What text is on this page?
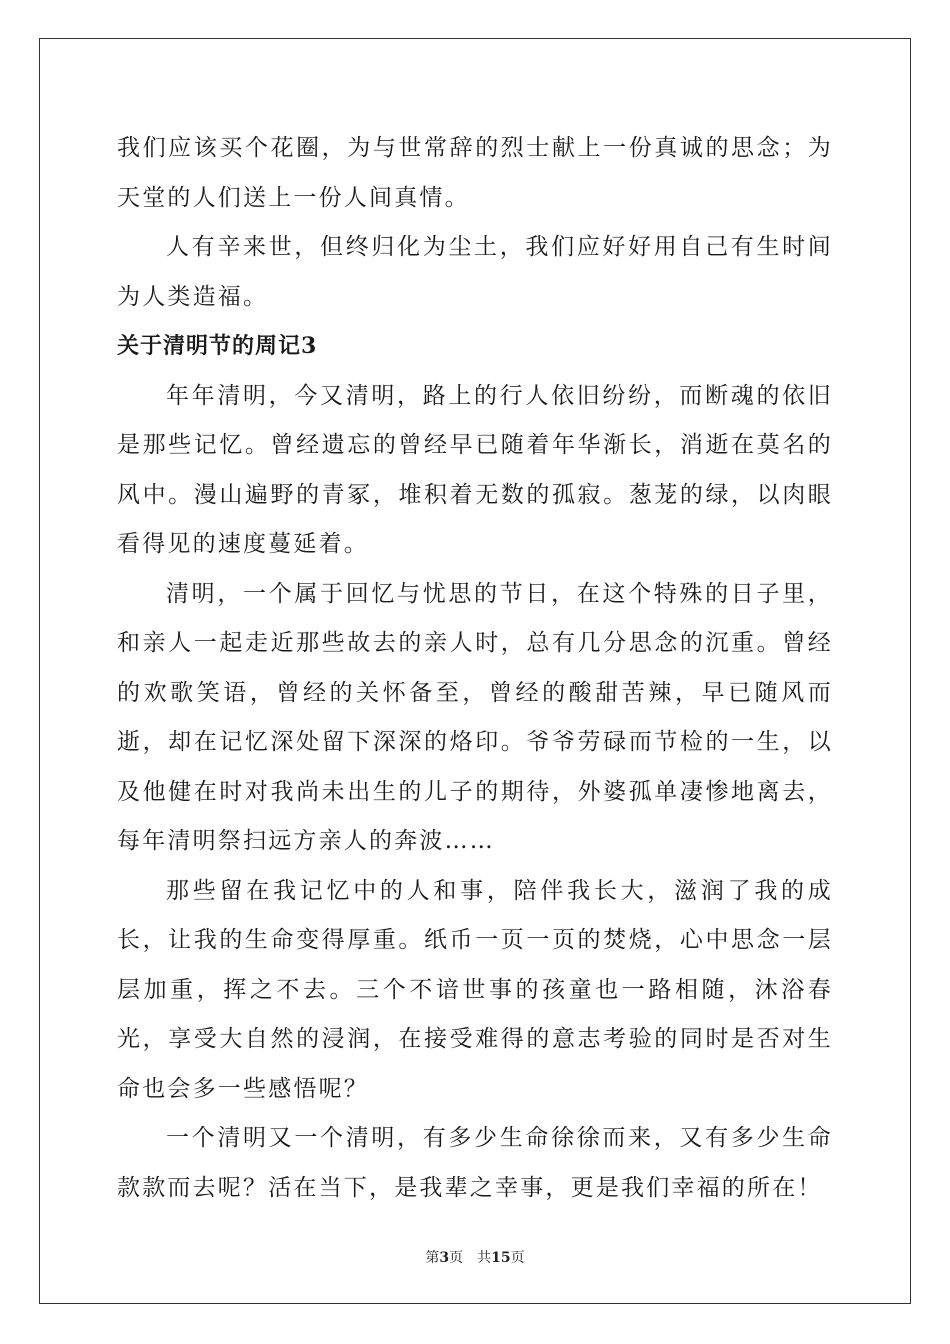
我们应该买个花圈，为与世常辞的烈士献上一份真诚的思念；为天堂的人们送上一份人间真情。

人有辛来世，但终归化为尘土，我们应好好用自己有生时间为人类造福。

关于清明节的周记3

年年清明，今又清明，路上的行人依旧纷纷，而断魂的依旧是那些记忆。曾经遗忘的曾经早已随着年华渐长，消逝在莫名的风中。漫山遍野的青冢，堆积着无数的孤寂。葱茏的绿，以肉眼看得见的速度蔓延着。

清明，一个属于回忆与忧思的节日，在这个特殊的日子里，和亲人一起走近那些故去的亲人时，总有几分思念的沉重。曾经的欢歌笑语，曾经的关怀备至，曾经的酸甜苦辣，早已随风而逝，却在记忆深处留下深深的烙印。爷爷劳碌而节检的一生，以及他健在时对我尚未出生的儿子的期待，外婆孤单凄惨地离去，每年清明祭扫远方亲人的奔波……

那些留在我记忆中的人和事，陪伴我长大，滋润了我的成长，让我的生命变得厚重。纸币一页一页的焚烧，心中思念一层层加重，挥之不去。三个不谙世事的孩童也一路相随，沐浴春光，享受大自然的浸润，在接受难得的意志考验的同时是否对生命也会多一些感悟呢？

一个清明又一个清明，有多少生命徐徐而来，又有多少生命款款而去呢？活在当下，是我辈之幸事，更是我们幸福的所在！

第3页 共15页
